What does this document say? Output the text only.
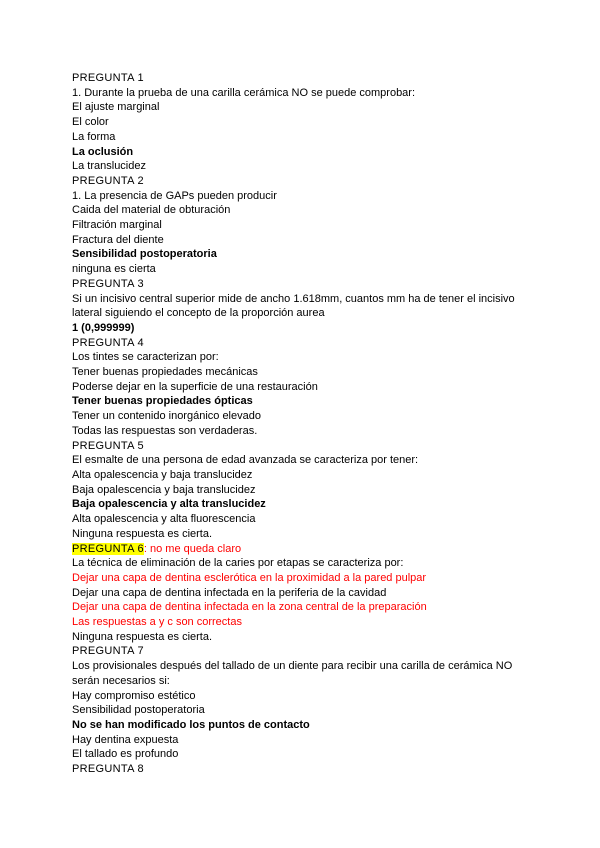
PREGUNTA 1
1. Durante la prueba de una carilla cerámica NO se puede comprobar:
El ajuste marginal
El color
La forma
La oclusión
La translucidez
PREGUNTA 2
1. La presencia de GAPs pueden producir
Caida del material de obturación
Filtración marginal
Fractura del diente
Sensibilidad postoperatoria
ninguna es cierta
PREGUNTA 3
Si un incisivo central superior mide de ancho 1.618mm, cuantos mm ha de tener el incisivo lateral siguiendo el concepto de la proporción aurea
1 (0,999999)
PREGUNTA 4
Los tintes se caracterizan por:
Tener buenas propiedades mecánicas
Poderse dejar en la superficie de una restauración
Tener buenas propiedades ópticas
Tener un contenido inorgánico elevado
Todas las respuestas son verdaderas.
PREGUNTA 5
El esmalte de una persona de edad avanzada se caracteriza por tener:
Alta opalescencia y baja translucidez
Baja opalescencia y baja translucidez
Baja opalescencia y alta translucidez
Alta opalescencia y alta fluorescencia
Ninguna respuesta es cierta.
PREGUNTA 6: no me queda claro
La técnica de eliminación de la caries por etapas se caracteriza por:
Dejar una capa de dentina esclerótica en la proximidad a la pared pulpar
Dejar una capa de dentina infectada en la periferia de la cavidad
Dejar una capa de dentina infectada en la zona central de la preparación
Las respuestas a y c son correctas
Ninguna respuesta es cierta.
PREGUNTA 7
Los provisionales después del tallado de un diente para recibir una carilla de cerámica NO serán necesarios si:
Hay compromiso estético
Sensibilidad postoperatoria
No se han modificado los puntos de contacto
Hay dentina expuesta
El tallado es profundo
PREGUNTA 8
